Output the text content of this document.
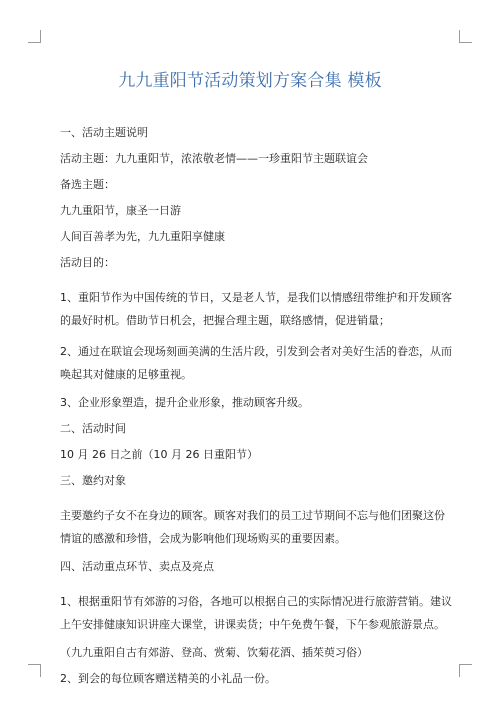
九九重阳节活动策划方案合集 模板
一、活动主题说明
活动主题：九九重阳节，浓浓敬老情——一珍重阳节主题联谊会
备选主题：
九九重阳节，康圣一日游
人间百善孝为先，九九重阳享健康
活动目的：
1、重阳节作为中国传统的节日，又是老人节，是我们以情感纽带维护和开发顾客的最好时机。借助节日机会，把握合理主题，联络感情，促进销量；
2、通过在联谊会现场刻画美满的生活片段，引发到会者对美好生活的眷恋，从而唤起其对健康的足够重视。
3、企业形象塑造，提升企业形象，推动顾客升级。
二、活动时间
10 月 26 日之前（10 月 26 日重阳节）
三、邀约对象
主要邀约子女不在身边的顾客。顾客对我们的员工过节期间不忘与他们团聚这份情谊的感激和珍惜，会成为影响他们现场购买的重要因素。
四、活动重点环节、卖点及亮点
1、根据重阳节有郊游的习俗，各地可以根据自己的实际情况进行旅游营销。建议上午安排健康知识讲座大课堂，讲课卖货；中午免费午餐，下午参观旅游景点。
（九九重阳自古有郊游、登高、赏菊、饮菊花酒、插茱萸习俗）
2、到会的每位顾客赠送精美的小礼品一份。
